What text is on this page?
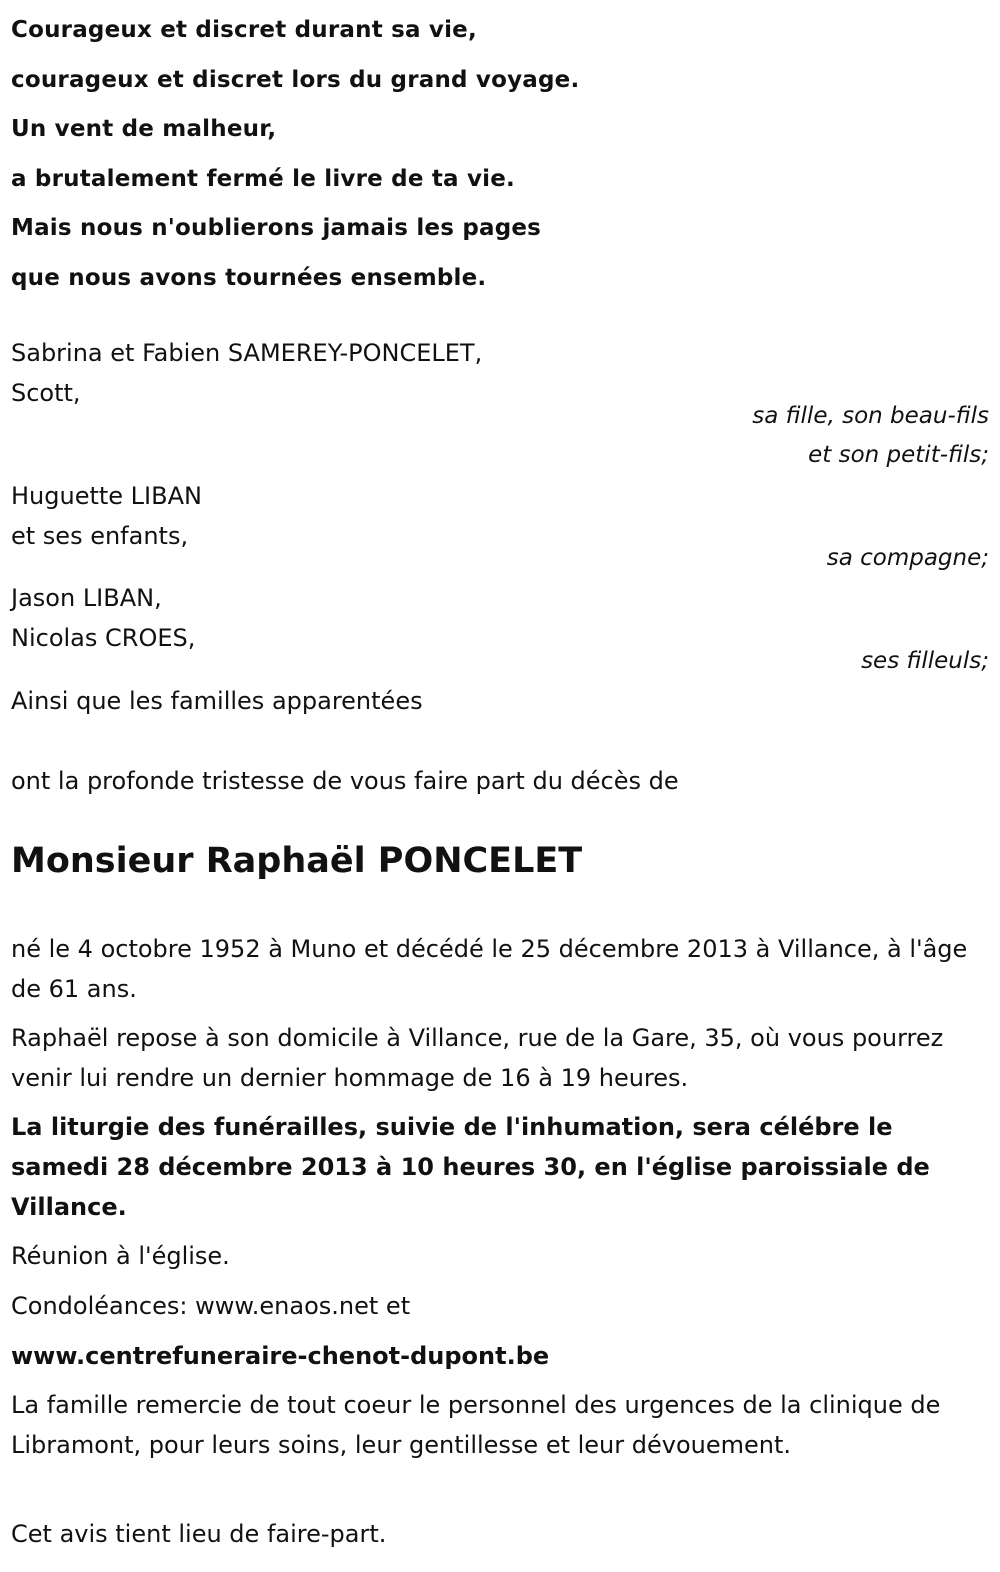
Courageux et discret durant sa vie,
courageux et discret lors du grand voyage.
Un vent de malheur,
a brutalement fermé le livre de ta vie.
Mais nous n'oublierons jamais les pages
que nous avons tournées ensemble.
Sabrina et Fabien SAMEREY-PONCELET,
Scott,
sa fille, son beau-fils
et son petit-fils;
Huguette LIBAN
et ses enfants,
sa compagne;
Jason LIBAN,
Nicolas CROES,
ses filleuls;
Ainsi que les familles apparentées
ont la profonde tristesse de vous faire part du décès de
Monsieur Raphaël PONCELET
né le 4 octobre 1952 à Muno et décédé le 25 décembre 2013 à Villance, à l'âge de 61 ans.
Raphaël repose à son domicile à Villance, rue de la Gare, 35, où vous pourrez venir lui rendre un dernier hommage de 16 à 19 heures.
La liturgie des funérailles, suivie de l'inhumation, sera célébre le samedi 28 décembre 2013 à 10 heures 30, en l'église paroissiale de Villance.
Réunion à l'église.
Condoléances: www.enaos.net et
www.centrefuneraire-chenot-dupont.be
La famille remercie de tout coeur le personnel des urgences de la clinique de Libramont, pour leurs soins, leur gentillesse et leur dévouement.
Cet avis tient lieu de faire-part.
